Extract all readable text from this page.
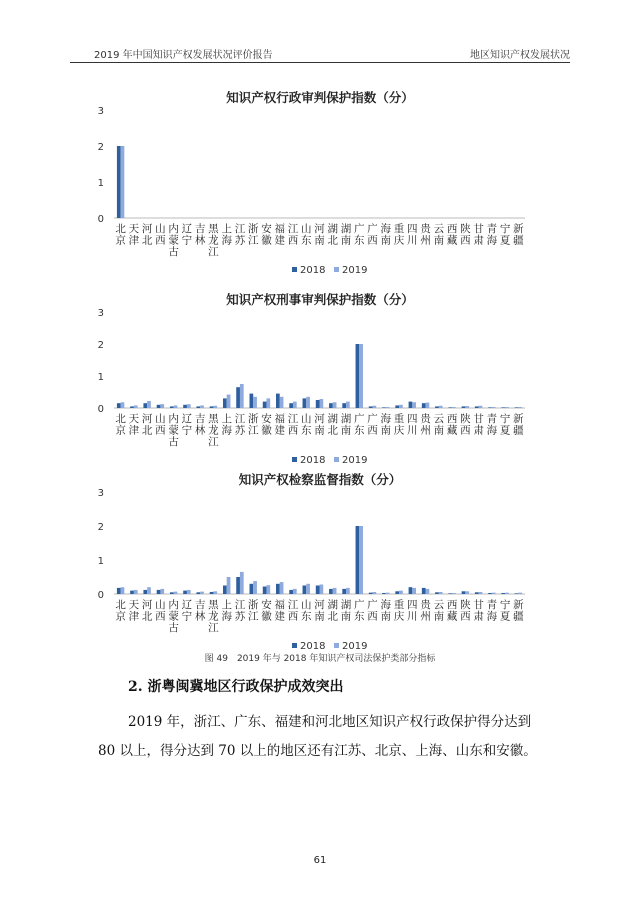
2019 年中国知识产权发展状况评价报告	地区知识产权发展状况
知识产权行政审判保护指数（分）
0
1
2
3
北京
天津
河北
山西
内蒙古
辽宁
吉林
黑龙江
上海
江苏
浙江
安徽
福建
江西
山东
河南
湖北
湖南
广东
广西
海南
重庆
四川
贵州
云南
西藏
陕西
甘肃
青海
宁夏
新疆
2018 2019
知识产权刑事审判保护指数（分）
0
1
2
3
北京
天津
河北
山西
内蒙古
辽宁
吉林
黑龙江
上海
江苏
浙江
安徽
福建
江西
山东
河南
湖北
湖南
广东
广西
海南
重庆
四川
贵州
云南
西藏
陕西
甘肃
青海
宁夏
新疆
2018 2019
知识产权检察监督指数（分）
0
1
2
3
北京
天津
河北
山西
内蒙古
辽宁
吉林
黑龙江
上海
江苏
浙江
安徽
福建
江西
山东
河南
湖北
湖南
广东
广西
海南
重庆
四川
贵州
云南
西藏
陕西
甘肃
青海
宁夏
新疆
2018 2019
图 49　2019 年与 2018 年知识产权司法保护类部分指标
2. 浙粤闽冀地区行政保护成效突出
2019 年，浙江、广东、福建和河北地区知识产权行政保护得分达到 80 以上，得分达到 70 以上的地区还有江苏、北京、上海、山东和安徽。
61
